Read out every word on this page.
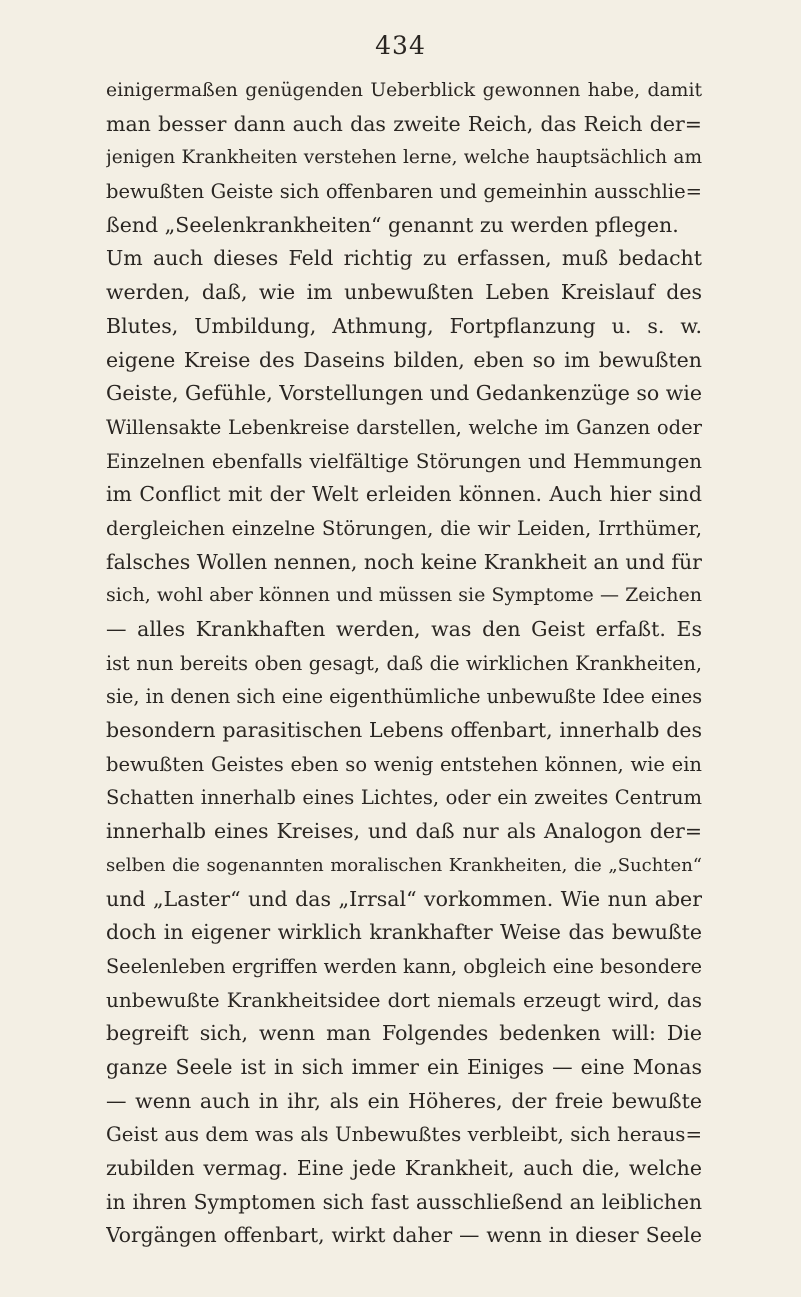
434
einigermaßen genügenden Ueberblick gewonnen habe, damit
man besser dann auch das zweite Reich, das Reich der=
jenigen Krankheiten verstehen lerne, welche hauptsächlich am
bewußten Geiste sich offenbaren und gemeinhin ausschlie=
ßend „Seelenkrankheiten“ genannt zu werden pflegen.
Um auch dieses Feld richtig zu erfassen, muß bedacht
werden, daß, wie im unbewußten Leben Kreislauf des
Blutes, Umbildung, Athmung, Fortpflanzung u. s. w.
eigene Kreise des Daseins bilden, eben so im bewußten
Geiste, Gefühle, Vorstellungen und Gedankenzüge so wie
Willensakte Lebenkreise darstellen, welche im Ganzen oder
Einzelnen ebenfalls vielfältige Störungen und Hemmungen
im Conflict mit der Welt erleiden können. Auch hier sind
dergleichen einzelne Störungen, die wir Leiden, Irrthümer,
falsches Wollen nennen, noch keine Krankheit an und für
sich, wohl aber können und müssen sie Symptome — Zeichen
— alles Krankhaften werden, was den Geist erfaßt. Es
ist nun bereits oben gesagt, daß die wirklichen Krankheiten,
sie, in denen sich eine eigenthümliche unbewußte Idee eines
besondern parasitischen Lebens offenbart, innerhalb des
bewußten Geistes eben so wenig entstehen können, wie ein
Schatten innerhalb eines Lichtes, oder ein zweites Centrum
innerhalb eines Kreises, und daß nur als Analogon der=
selben die sogenannten moralischen Krankheiten, die „Suchten“
und „Laster“ und das „Irrsal“ vorkommen. Wie nun aber
doch in eigener wirklich krankhafter Weise das bewußte
Seelenleben ergriffen werden kann, obgleich eine besondere
unbewußte Krankheitsidee dort niemals erzeugt wird, das
begreift sich, wenn man Folgendes bedenken will: Die
ganze Seele ist in sich immer ein Einiges — eine Monas
— wenn auch in ihr, als ein Höheres, der freie bewußte
Geist aus dem was als Unbewußtes verbleibt, sich heraus=
zubilden vermag. Eine jede Krankheit, auch die, welche
in ihren Symptomen sich fast ausschließend an leiblichen
Vorgängen offenbart, wirkt daher — wenn in dieser Seele
